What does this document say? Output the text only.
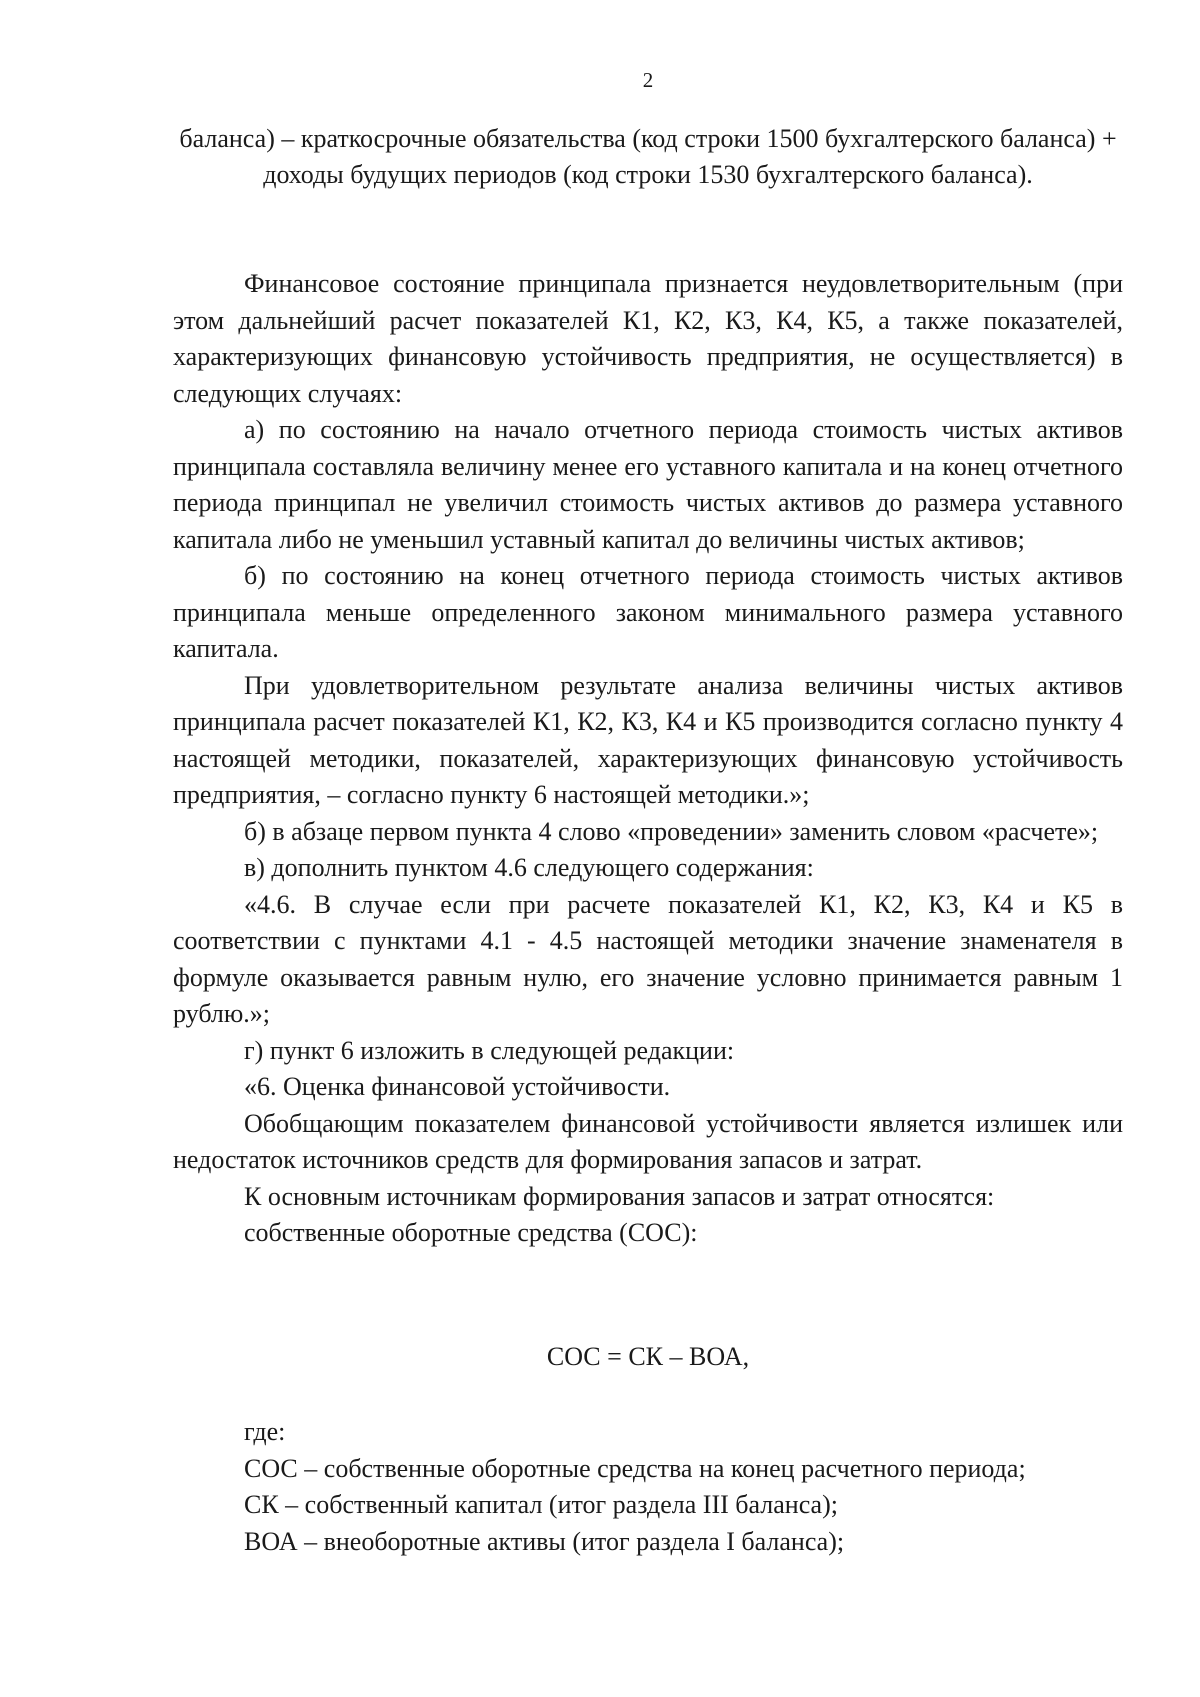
2
баланса) – краткосрочные обязательства (код строки 1500 бухгалтерского баланса) + доходы будущих периодов (код строки 1530 бухгалтерского баланса).

Финансовое состояние принципала признается неудовлетворительным (при этом дальнейший расчет показателей К1, К2, К3, К4, К5, а также показателей, характеризующих финансовую устойчивость предприятия, не осуществляется) в следующих случаях:

а) по состоянию на начало отчетного периода стоимость чистых активов принципала составляла величину менее его уставного капитала и на конец отчетного периода принципал не увеличил стоимость чистых активов до размера уставного капитала либо не уменьшил уставный капитал до величины чистых активов;

б) по состоянию на конец отчетного периода стоимость чистых активов принципала меньше определенного законом минимального размера уставного капитала.

При удовлетворительном результате анализа величины чистых активов принципала расчет показателей К1, К2, К3, К4 и К5 производится согласно пункту 4 настоящей методики, показателей, характеризующих финансовую устойчивость предприятия, – согласно пункту 6 настоящей методики.»;

б) в абзаце первом пункта 4 слово «проведении» заменить словом «расчете»;

в) дополнить пунктом 4.6 следующего содержания:

«4.6. В случае если при расчете показателей К1, К2, К3, К4 и К5 в соответствии с пунктами 4.1 - 4.5 настоящей методики значение знаменателя в формуле оказывается равным нулю, его значение условно принимается равным 1 рублю.»;

г) пункт 6 изложить в следующей редакции:

«6. Оценка финансовой устойчивости.

Обобщающим показателем финансовой устойчивости является излишек или недостаток источников средств для формирования запасов и затрат.

К основным источникам формирования запасов и затрат относятся:

собственные оборотные средства (СОС):

СОС = СК – ВОА,

где:

СОС – собственные оборотные средства на конец расчетного периода;

СК – собственный капитал (итог раздела III баланса);

ВОА – внеоборотные активы (итог раздела I баланса);
